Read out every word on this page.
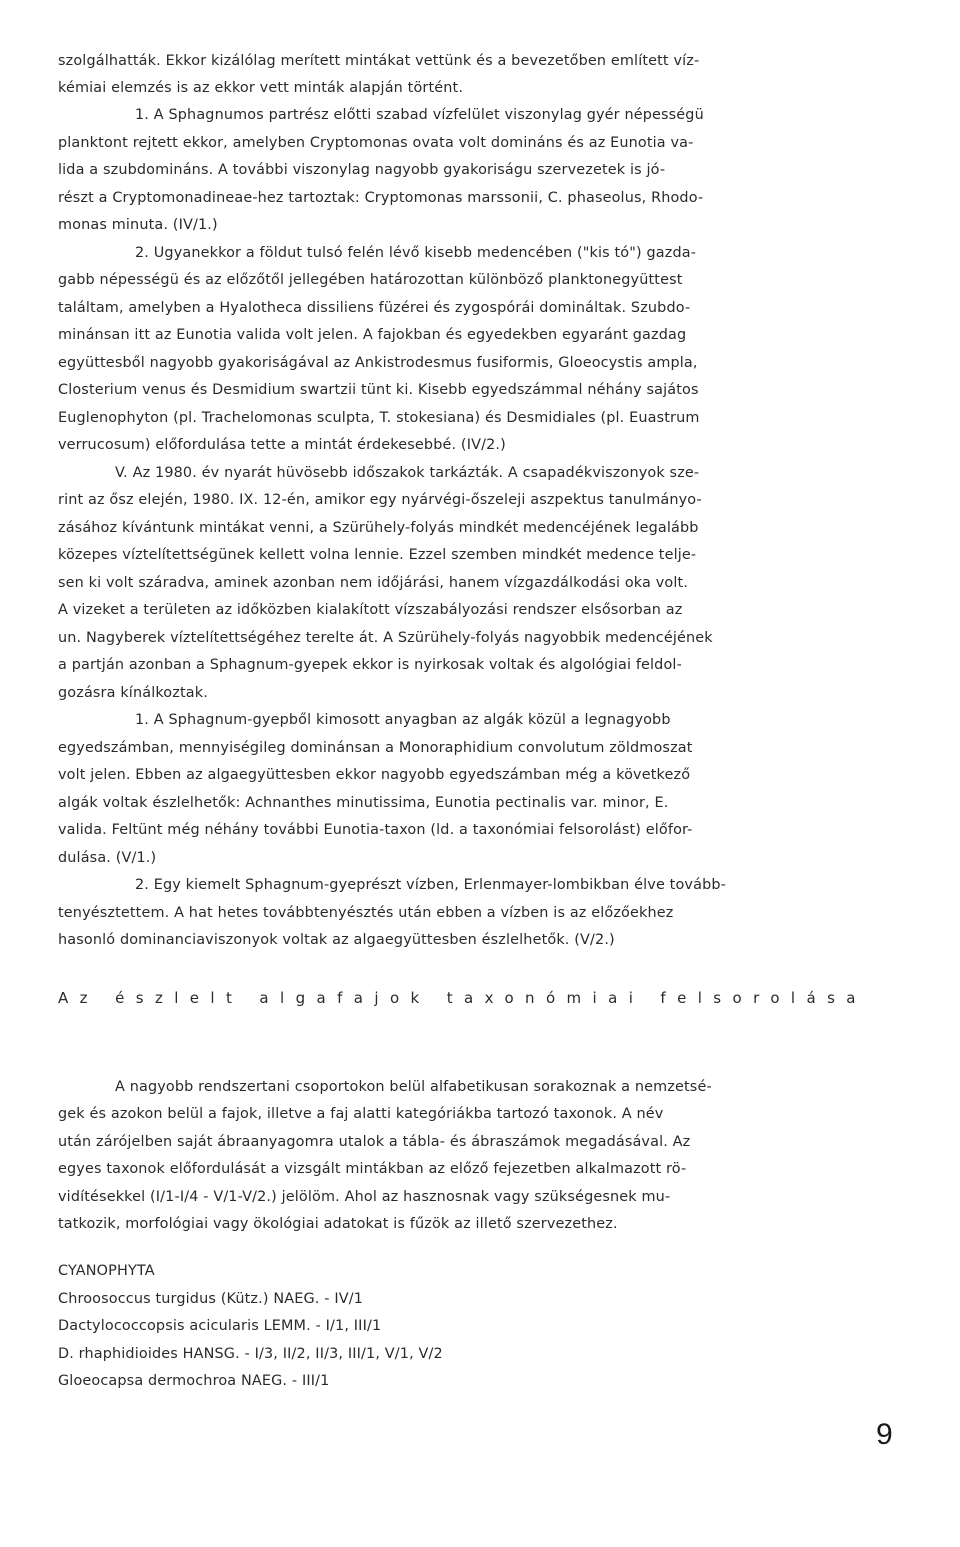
szolgálhatták. Ekkor kizálólag merített mintákat vettünk és a bevezetőben említett víz-
kémiai elemzés is az ekkor vett minták alapján történt.
1. A Sphagnumos partrész előtti szabad vízfelület viszonylag gyér népességü
planktont rejtett ekkor, amelyben Cryptomonas ovata volt domináns és az Eunotia va-
lida a szubdomináns. A további viszonylag nagyobb gyakoriságu szervezetek is jó-
részt a Cryptomonadineae-hez tartoztak: Cryptomonas marssonii, C. phaseolus, Rhodo-
monas minuta. (IV/1.)
2. Ugyanekkor a földut tulsó felén lévő kisebb medencében ("kis tó") gazda-
gabb népességü és az előzőtől jellegében határozottan különböző planktonegyüttest
találtam, amelyben a Hyalotheca dissiliens füzérei és zygospórái domináltak. Szubdo-
minánsan itt az Eunotia valida volt jelen. A fajokban és egyedekben egyaránt gazdag
együttesből nagyobb gyakoriságával az Ankistrodesmus fusiformis, Gloeocystis ampla,
Closterium venus és Desmidium swartzii tünt ki. Kisebb egyedszámmal néhány sajátos
Euglenophyton (pl. Trachelomonas sculpta, T. stokesiana) és Desmidiales (pl. Euastrum
verrucosum) előfordulása tette a mintát érdekesebbé. (IV/2.)
V. Az 1980. év nyarát hüvösebb időszakok tarkázták. A csapadékviszonyok sze-
rint az ősz elején, 1980. IX. 12-én, amikor egy nyárvégi-őszeleji aszpektus tanulmányo-
zásához kívántunk mintákat venni, a Szürühely-folyás mindkét medencéjének legalább
közepes víztelítettségünek kellett volna lennie. Ezzel szemben mindkét medence telje-
sen ki volt száradva, aminek azonban nem időjárási, hanem vízgazdálkodási oka volt.
A vizeket a területen az időközben kialakított vízszabályozási rendszer elsősorban az
un. Nagyberek víztelítettségéhez terelte át. A Szürühely-folyás nagyobbik medencéjének
a partján azonban a Sphagnum-gyepek ekkor is nyirkosak voltak és algológiai feldol-
gozásra kínálkoztak.
1. A Sphagnum-gyepből kimosott anyagban az algák közül a legnagyobb
egyedszámban, mennyiségileg dominánsan a Monoraphidium convolutum zöldmoszat
volt jelen. Ebben az algaegyüttesben ekkor nagyobb egyedszámban még a következő
algák voltak észlelhetők: Achnanthes minutissima, Eunotia pectinalis var. minor, E.
valida. Feltünt még néhány további Eunotia-taxon (ld. a taxonómiai felsorolást) előfor-
dulása. (V/1.)
2. Egy kiemelt Sphagnum-gyeprészt vízben, Erlenmayer-lombikban élve tovább-
tenyésztettem. A hat hetes továbbtenyésztés után ebben a vízben is az előzőekhez
hasonló dominanciaviszonyok voltak az algaegyüttesben észlelhetők. (V/2.)
Az észlelt algafajok taxonómiai felsorolása
A nagyobb rendszertani csoportokon belül alfabetikusan sorakoznak a nemzetsé-
gek és azokon belül a fajok, illetve a faj alatti kategóriákba tartozó taxonok. A név
után zárójelben saját ábraanyagomra utalok a tábla- és ábraszámok megadásával. Az
egyes taxonok előfordulását a vizsgált mintákban az előző fejezetben alkalmazott rö-
vidítésekkel (I/1-I/4 - V/1-V/2.) jelölöm. Ahol az hasznosnak vagy szükségesnek mu-
tatkozik, morfológiai vagy ökológiai adatokat is fűzök az illető szervezethez.
CYANOPHYTA
Chroosoccus turgidus (Kütz.) NAEG. - IV/1
Dactylococcopsis acicularis LEMM. - I/1, III/1
D. rhaphidioides HANSG. - I/3, II/2, II/3, III/1, V/1, V/2
Gloeocapsa dermochroa NAEG. - III/1
9
